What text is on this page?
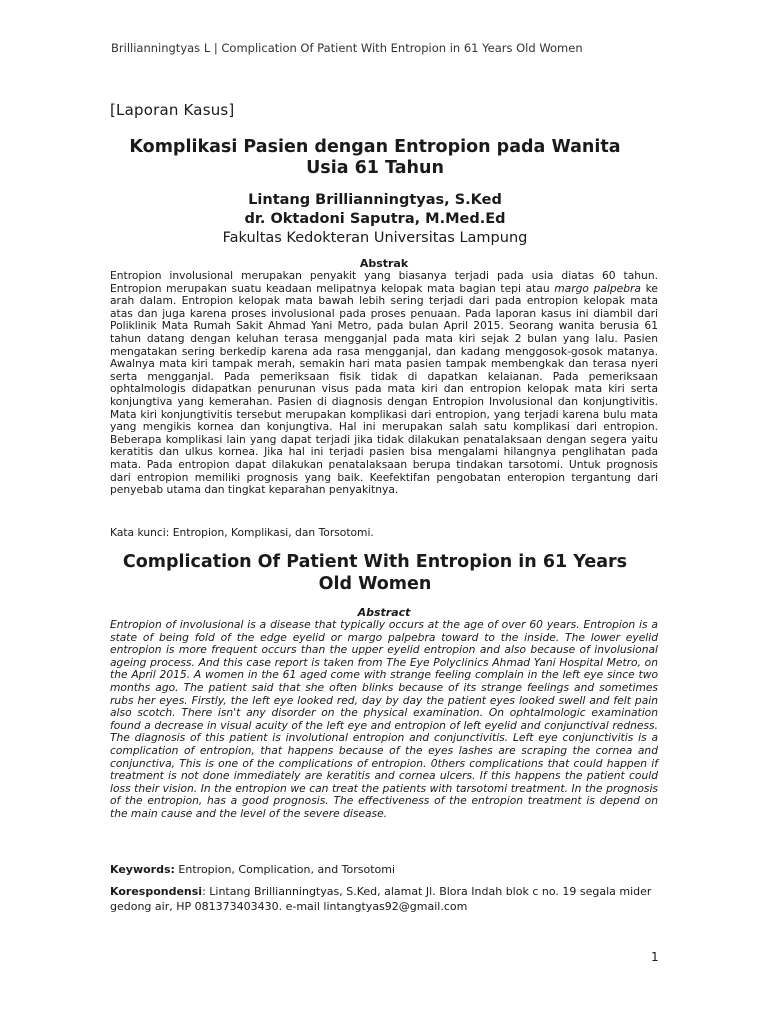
Brillianningtyas L | Complication Of Patient With Entropion in 61 Years Old Women
[Laporan Kasus]
Komplikasi Pasien dengan Entropion pada Wanita
Usia 61 Tahun
Lintang Brillianningtyas, S.Ked
dr. Oktadoni Saputra, M.Med.Ed
Fakultas Kedokteran Universitas Lampung
Abstrak
Entropion involusional merupakan penyakit yang biasanya terjadi pada usia diatas 60 tahun. Entropion merupakan suatu keadaan melipatnya kelopak mata bagian tepi atau margo palpebra ke arah dalam. Entropion kelopak mata bawah lebih sering terjadi dari pada entropion kelopak mata atas dan juga karena proses involusional pada proses penuaan. Pada laporan kasus ini diambil dari Poliklinik Mata Rumah Sakit Ahmad Yani Metro, pada bulan April 2015. Seorang wanita berusia 61 tahun datang dengan keluhan terasa mengganjal pada mata kiri sejak 2 bulan yang lalu. Pasien mengatakan sering berkedip karena ada rasa mengganjal, dan kadang menggosok-gosok matanya. Awalnya mata kiri tampak merah, semakin hari mata pasien tampak membengkak dan terasa nyeri serta mengganjal. Pada pemeriksaan fisik tidak di dapatkan kelaianan. Pada pemeriksaan ophtalmologis didapatkan penurunan visus pada mata kiri dan entropion kelopak mata kiri serta konjungtiva yang kemerahan. Pasien di diagnosis dengan Entropion Involusional dan konjungtivitis. Mata kiri konjungtivitis tersebut merupakan komplikasi dari entropion, yang terjadi karena bulu mata yang mengikis kornea dan konjungtiva. Hal ini merupakan salah satu komplikasi dari entropion. Beberapa komplikasi lain yang dapat terjadi jika tidak dilakukan penatalaksaan dengan segera yaitu keratitis dan ulkus kornea. Jika hal ini terjadi pasien bisa mengalami hilangnya penglihatan pada mata. Pada entropion dapat dilakukan penatalaksaan berupa tindakan tarsotomi. Untuk prognosis dari entropion memiliki prognosis yang baik. Keefektifan pengobatan enteropion tergantung dari penyebab utama dan tingkat keparahan penyakitnya.
Kata kunci: Entropion, Komplikasi, dan Torsotomi.
Complication Of Patient With Entropion in 61 Years
Old Women
Abstract
Entropion of involusional is a disease that typically occurs at the age of over 60 years. Entropion is a state of being fold of the edge eyelid or margo palpebra toward to the inside. The lower eyelid entropion is more frequent occurs than the upper eyelid entropion and also because of involusional ageing process. And this case report is taken from The Eye Polyclinics Ahmad Yani Hospital Metro, on the April 2015. A women in the 61 aged come with strange feeling complain in the left eye since two months ago. The patient said that she often blinks because of its strange feelings and sometimes rubs her eyes. Firstly, the left eye looked red, day by day the patient eyes looked swell and felt pain also scotch. There isn't any disorder on the physical examination. On ophtalmologic examination found a decrease in visual acuity of the left eye and entropion of left eyelid and conjunctival redness. The diagnosis of this patient is involutional entropion and conjunctivitis. Left eye conjunctivitis is a complication of entropion, that happens because of the eyes lashes are scraping the cornea and conjunctiva, This is one of the complications of entropion. 0thers complications that could happen if treatment is not done immediately are keratitis and cornea ulcers. If this happens the patient could loss their vision. In the entropion we can treat the patients with tarsotomi treatment. In the prognosis of the entropion, has a good prognosis. The effectiveness of the entropion treatment is depend on the main cause and the level of the severe disease.
Keywords: Entropion, Complication, and Torsotomi
Korespondensi: Lintang Brillianningtyas, S.Ked, alamat Jl. Blora Indah blok c no. 19 segala mider gedong air, HP 081373403430. e-mail lintangtyas92@gmail.com
1
